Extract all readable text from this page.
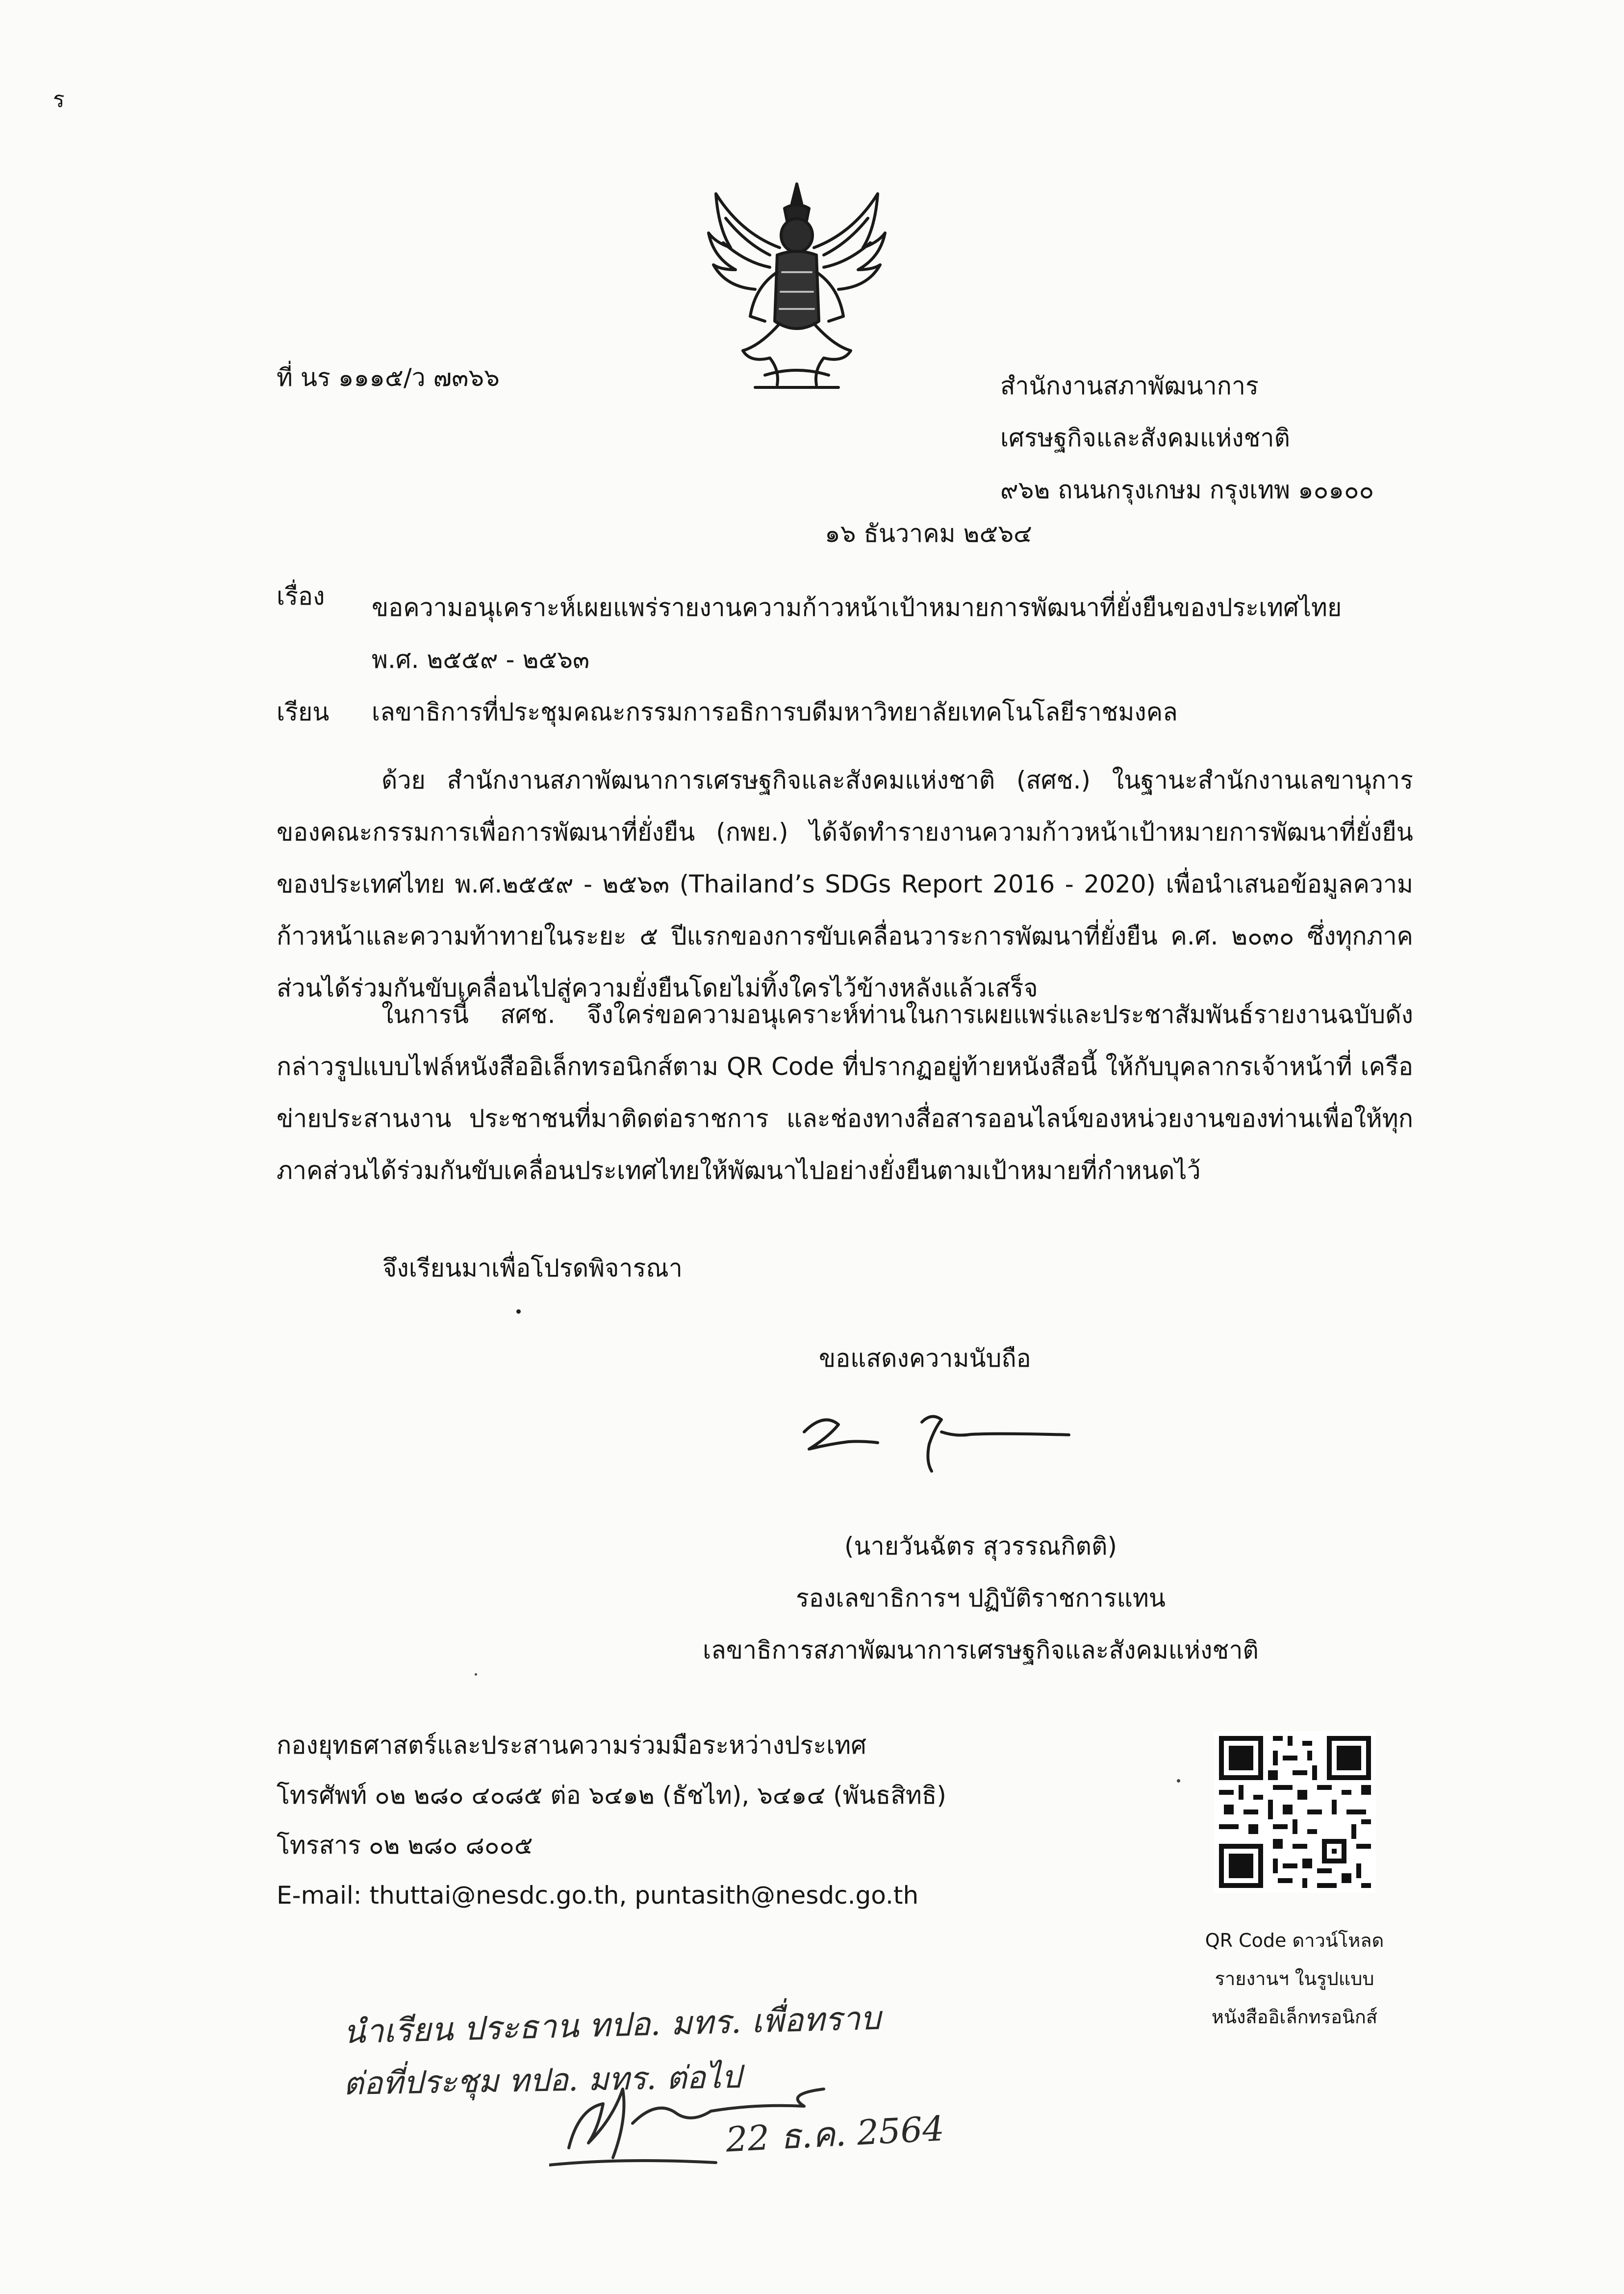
ร
ที่ นร ๑๑๑๕/ว ๗๓๖๖	สำนักงานสภาพัฒนาการ
เศรษฐกิจและสังคมแห่งชาติ
๙๖๒ ถนนกรุงเกษม กรุงเทพ ๑๐๑๐๐
๑๖ ธันวาคม ๒๕๖๔
เรื่อง ขอความอนุเคราะห์เผยแพร่รายงานความก้าวหน้าเป้าหมายการพัฒนาที่ยั่งยืนของประเทศไทย
พ.ศ. ๒๕๕๙ - ๒๕๖๓
เรียน เลขาธิการที่ประชุมคณะกรรมการอธิการบดีมหาวิทยาลัยเทคโนโลยีราชมงคล

ด้วย สำนักงานสภาพัฒนาการเศรษฐกิจและสังคมแห่งชาติ (สศช.) ในฐานะสำนักงานเลขานุการของคณะกรรมการเพื่อการพัฒนาที่ยั่งยืน (กพย.) ได้จัดทำรายงานความก้าวหน้าเป้าหมายการพัฒนาที่ยั่งยืนของประเทศไทย พ.ศ.๒๕๕๙ - ๒๕๖๓ (Thailand’s SDGs Report 2016 - 2020) เพื่อนำเสนอข้อมูลความก้าวหน้าและความท้าทายในระยะ ๕ ปีแรกของการขับเคลื่อนวาระการพัฒนาที่ยั่งยืน ค.ศ. ๒๐๓๐ ซึ่งทุกภาคส่วนได้ร่วมกันขับเคลื่อนไปสู่ความยั่งยืนโดยไม่ทิ้งใครไว้ข้างหลังแล้วเสร็จ

ในการนี้ สศช. จึงใคร่ขอความอนุเคราะห์ท่านในการเผยแพร่และประชาสัมพันธ์รายงานฉบับดังกล่าวรูปแบบไฟล์หนังสืออิเล็กทรอนิกส์ตาม QR Code ที่ปรากฏอยู่ท้ายหนังสือนี้ ให้กับบุคลากรเจ้าหน้าที่ เครือข่ายประสานงาน ประชาชนที่มาติดต่อราชการ และช่องทางสื่อสารออนไลน์ของหน่วยงานของท่านเพื่อให้ทุกภาคส่วนได้ร่วมกันขับเคลื่อนประเทศไทยให้พัฒนาไปอย่างยั่งยืนตามเป้าหมายที่กำหนดไว้

จึงเรียนมาเพื่อโปรดพิจารณา
ขอแสดงความนับถือ
(นายวันฉัตร สุวรรณกิตติ)
รองเลขาธิการฯ ปฏิบัติราชการแทน
เลขาธิการสภาพัฒนาการเศรษฐกิจและสังคมแห่งชาติ
กองยุทธศาสตร์และประสานความร่วมมือระหว่างประเทศ
โทรศัพท์ ๐๒ ๒๘๐ ๔๐๘๕ ต่อ ๖๔๑๒ (ธัชไท), ๖๔๑๔ (พันธสิทธิ)
โทรสาร ๐๒ ๒๘๐ ๘๐๐๕
E-mail: thuttai@nesdc.go.th, puntasith@nesdc.go.th
QR Code ดาวน์โหลด
รายงานฯ ในรูปแบบ
หนังสืออิเล็กทรอนิกส์
นำเรียน ประธาน ทปอ. มทร. เพื่อทราบ
ต่อที่ประชุม ทปอ. มทร. ต่อไป
22 ธ.ค. 2564
